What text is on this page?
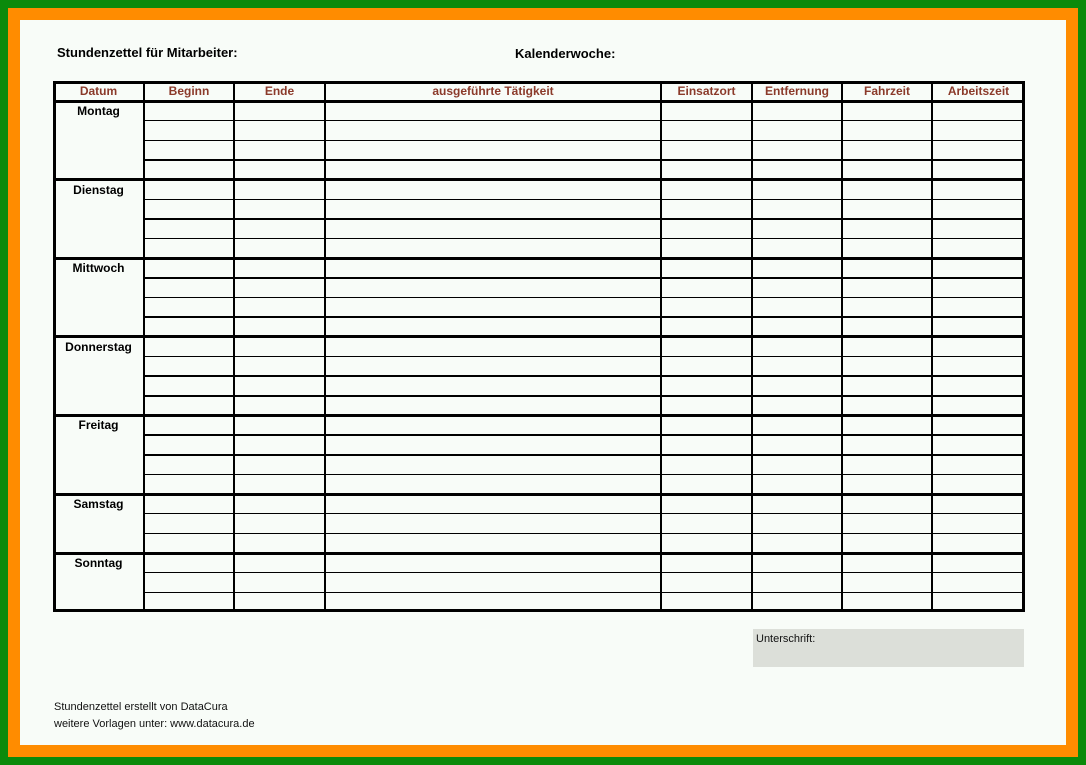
Stundenzettel für Mitarbeiter:	Kalenderwoche:
Datum	Beginn	Ende	ausgeführte Tätigkeit	Einsatzort	Entfernung	Fahrzeit	Arbeitszeit
Montag
Dienstag
Mittwoch
Donnerstag
Freitag
Samstag
Sonntag
Unterschrift:
Stundenzettel erstellt von DataCura
weitere Vorlagen unter: www.datacura.de
